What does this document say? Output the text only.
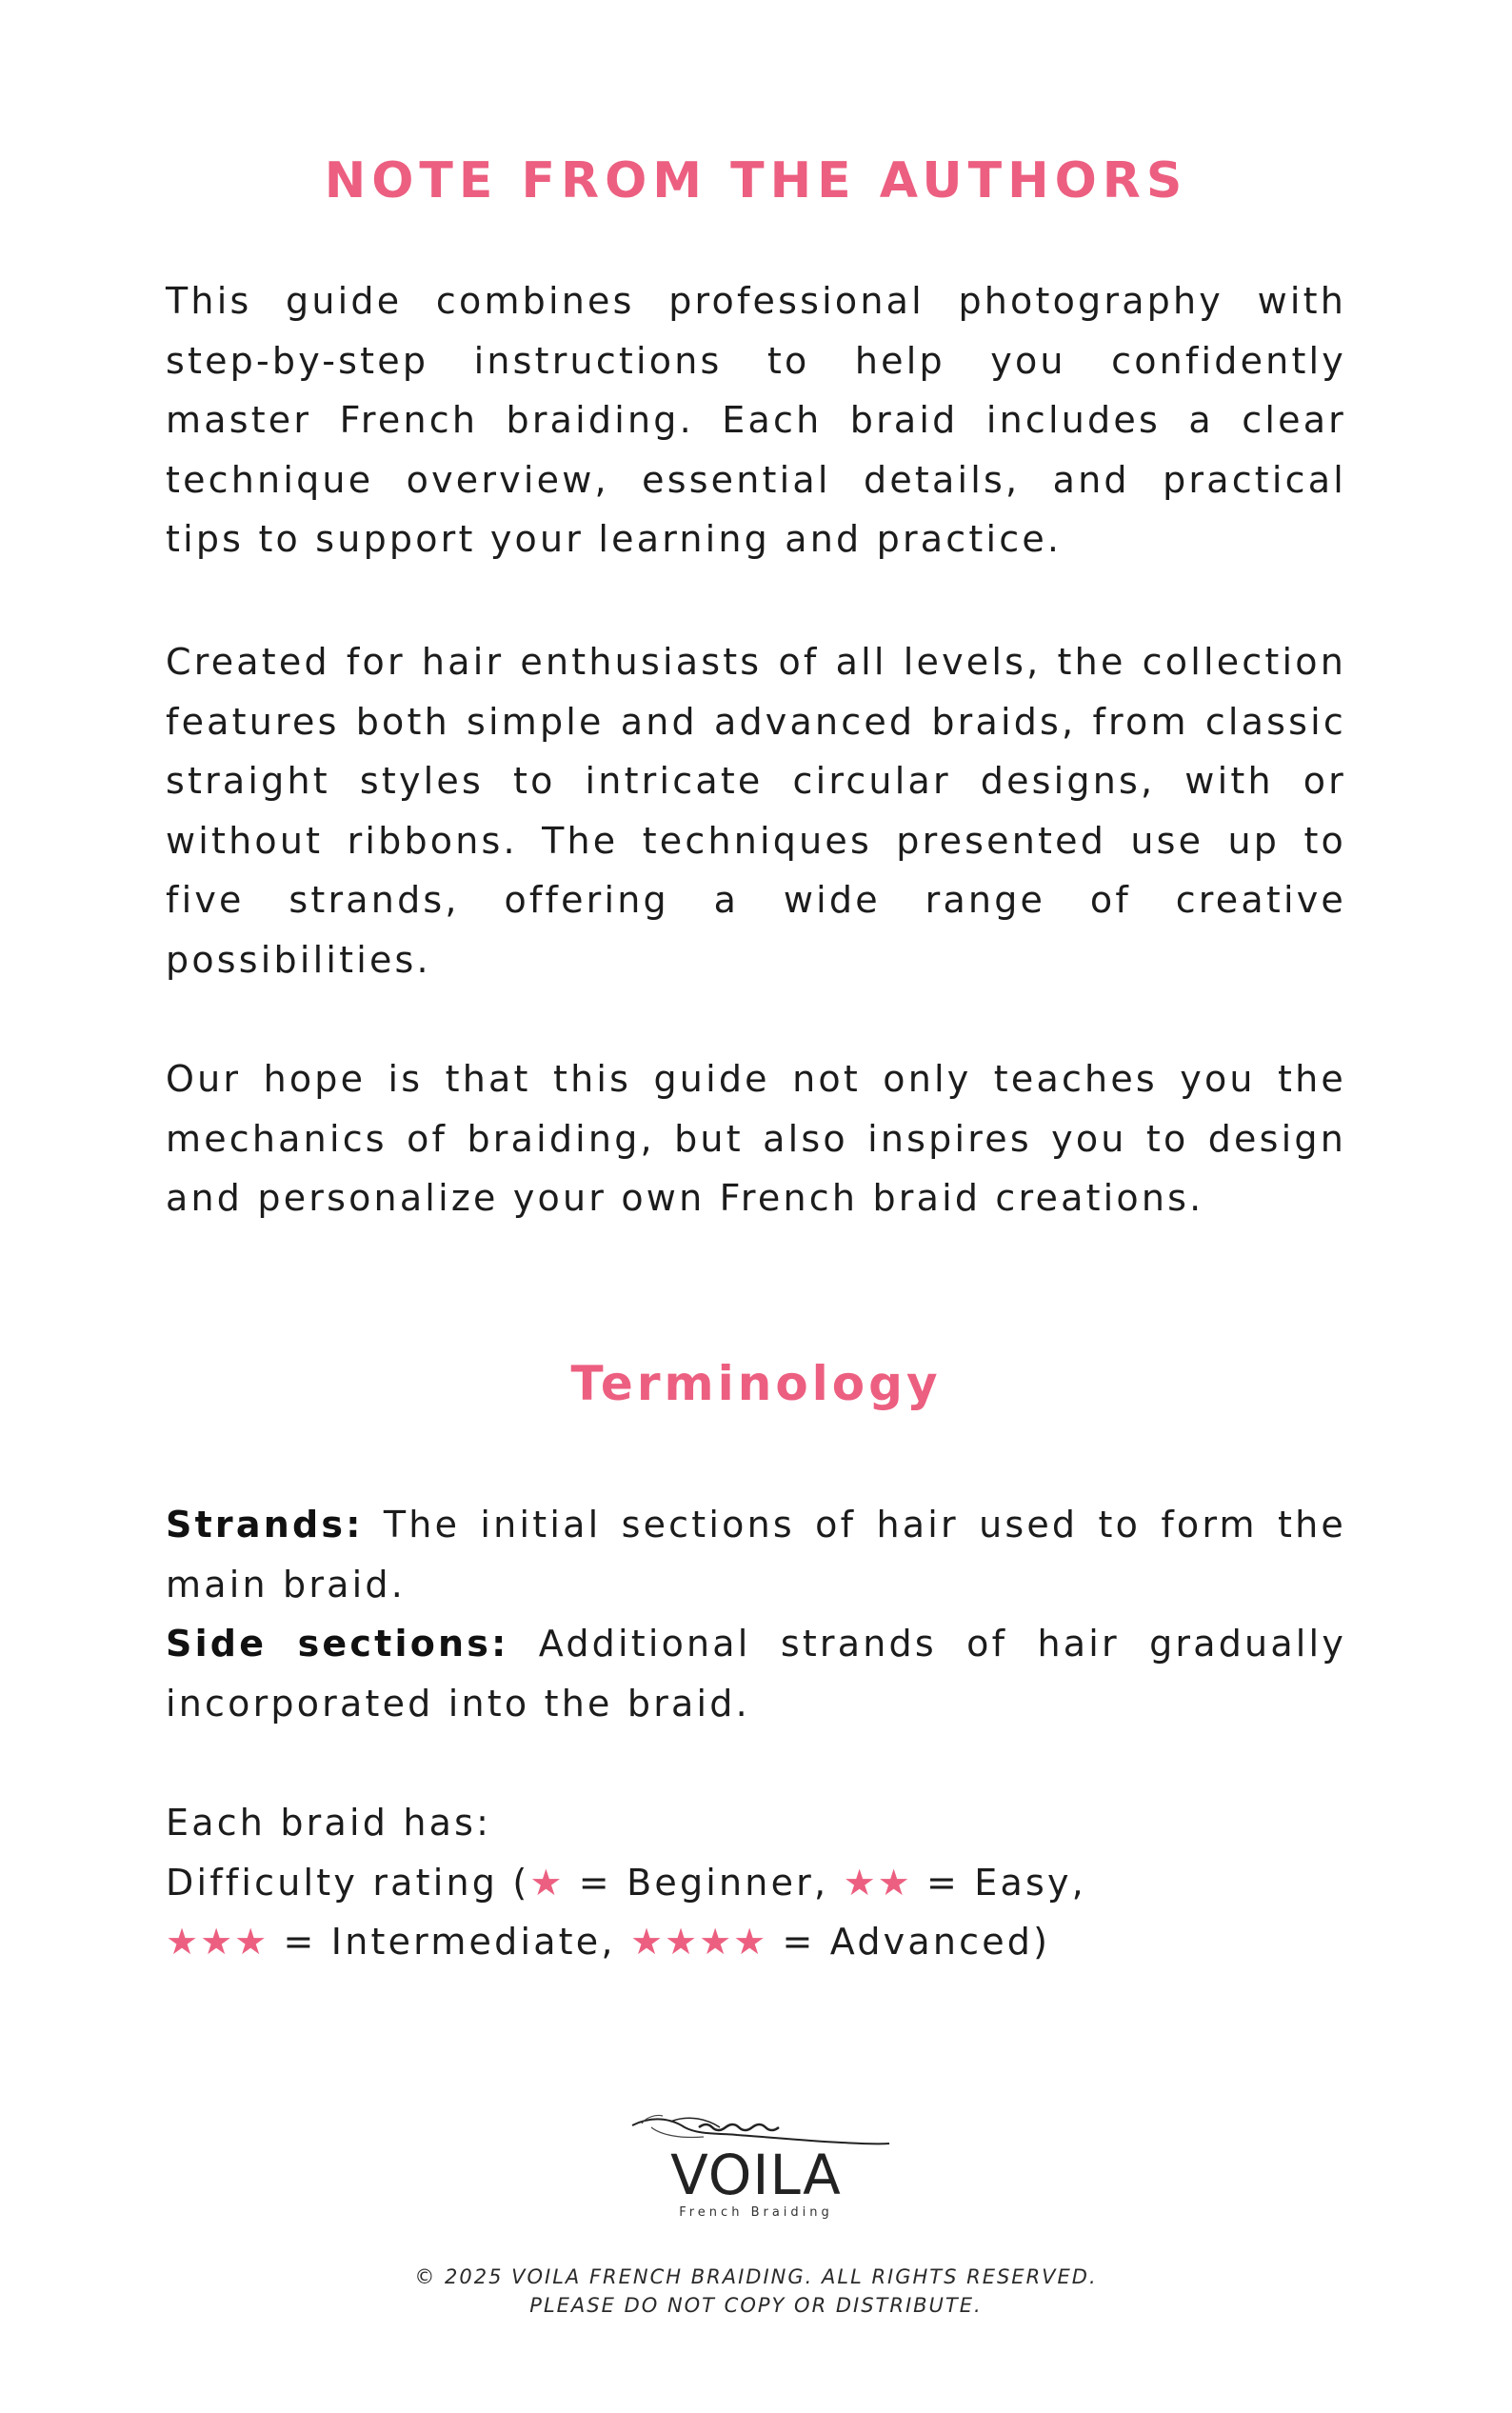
NOTE FROM THE AUTHORS

This guide combines professional photography with step-by-step instructions to help you confidently master French braiding. Each braid includes a clear technique overview, essential details, and practical tips to support your learning and practice.

Created for hair enthusiasts of all levels, the collection features both simple and advanced braids, from classic straight styles to intricate circular designs, with or without ribbons. The techniques presented use up to five strands, offering a wide range of creative possibilities.

Our hope is that this guide not only teaches you the mechanics of braiding, but also inspires you to design and personalize your own French braid creations.

Terminology

Strands: The initial sections of hair used to form the main braid.

Side sections: Additional strands of hair gradually incorporated into the braid.

Each braid has:

Difficulty rating (★ = Beginner, ★★ = Easy,

★★★ = Intermediate, ★★★★ = Advanced)

VOILA
French Braiding

© 2025 VOILA FRENCH BRAIDING. ALL RIGHTS RESERVED.
PLEASE DO NOT COPY OR DISTRIBUTE.
